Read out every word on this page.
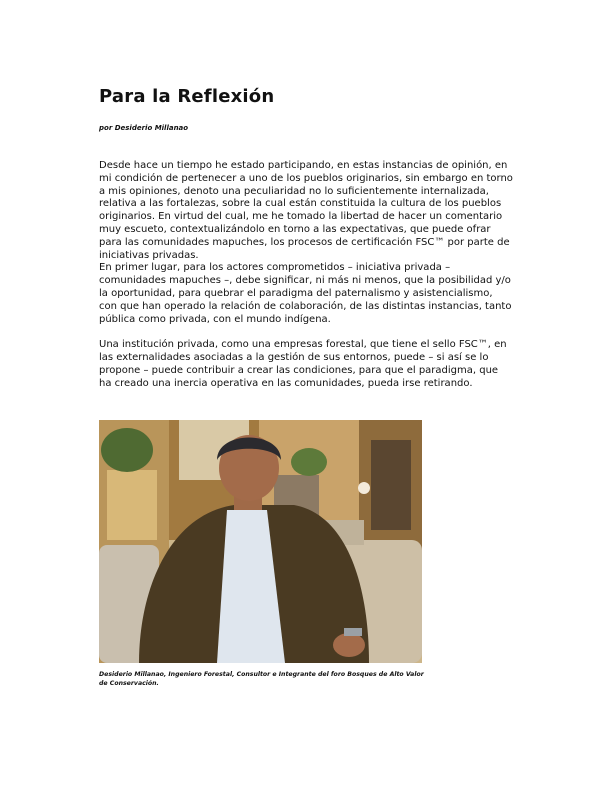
Para la Reflexión

por Desiderio Millanao

Desde hace un tiempo he estado participando, en estas instancias de opinión, en mi condición de pertenecer a uno de los pueblos originarios, sin embargo en torno a mis opiniones, denoto una peculiaridad no lo suficientemente internalizada, relativa a las fortalezas, sobre la cual están constituida la cultura de los pueblos originarios. En virtud del cual, me he tomado la libertad de hacer un comentario muy escueto, contextualizándolo en torno a las expectativas, que puede ofrar para las comunidades mapuches, los procesos de certificación FSC™ por parte de iniciativas privadas.

En primer lugar, para los actores comprometidos – iniciativa privada – comunidades mapuches –, debe significar, ni más ni menos, que la posibilidad y/o la oportunidad, para quebrar el paradigma del paternalismo y asistencialismo, con que han operado la relación de colaboración, de las distintas instancias, tanto pública como privada, con el mundo indígena.

Una institución privada, como una empresas forestal, que tiene el sello FSC™, en las externalidades asociadas a la gestión de sus entornos, puede – si así se lo propone – puede contribuir a crear las condiciones, para que el paradigma, que ha creado una inercia operativa en las comunidades, pueda irse retirando.

Desiderio Millanao, Ingeniero Forestal, Consultor e Integrante del foro Bosques de Alto Valor de Conservación.
